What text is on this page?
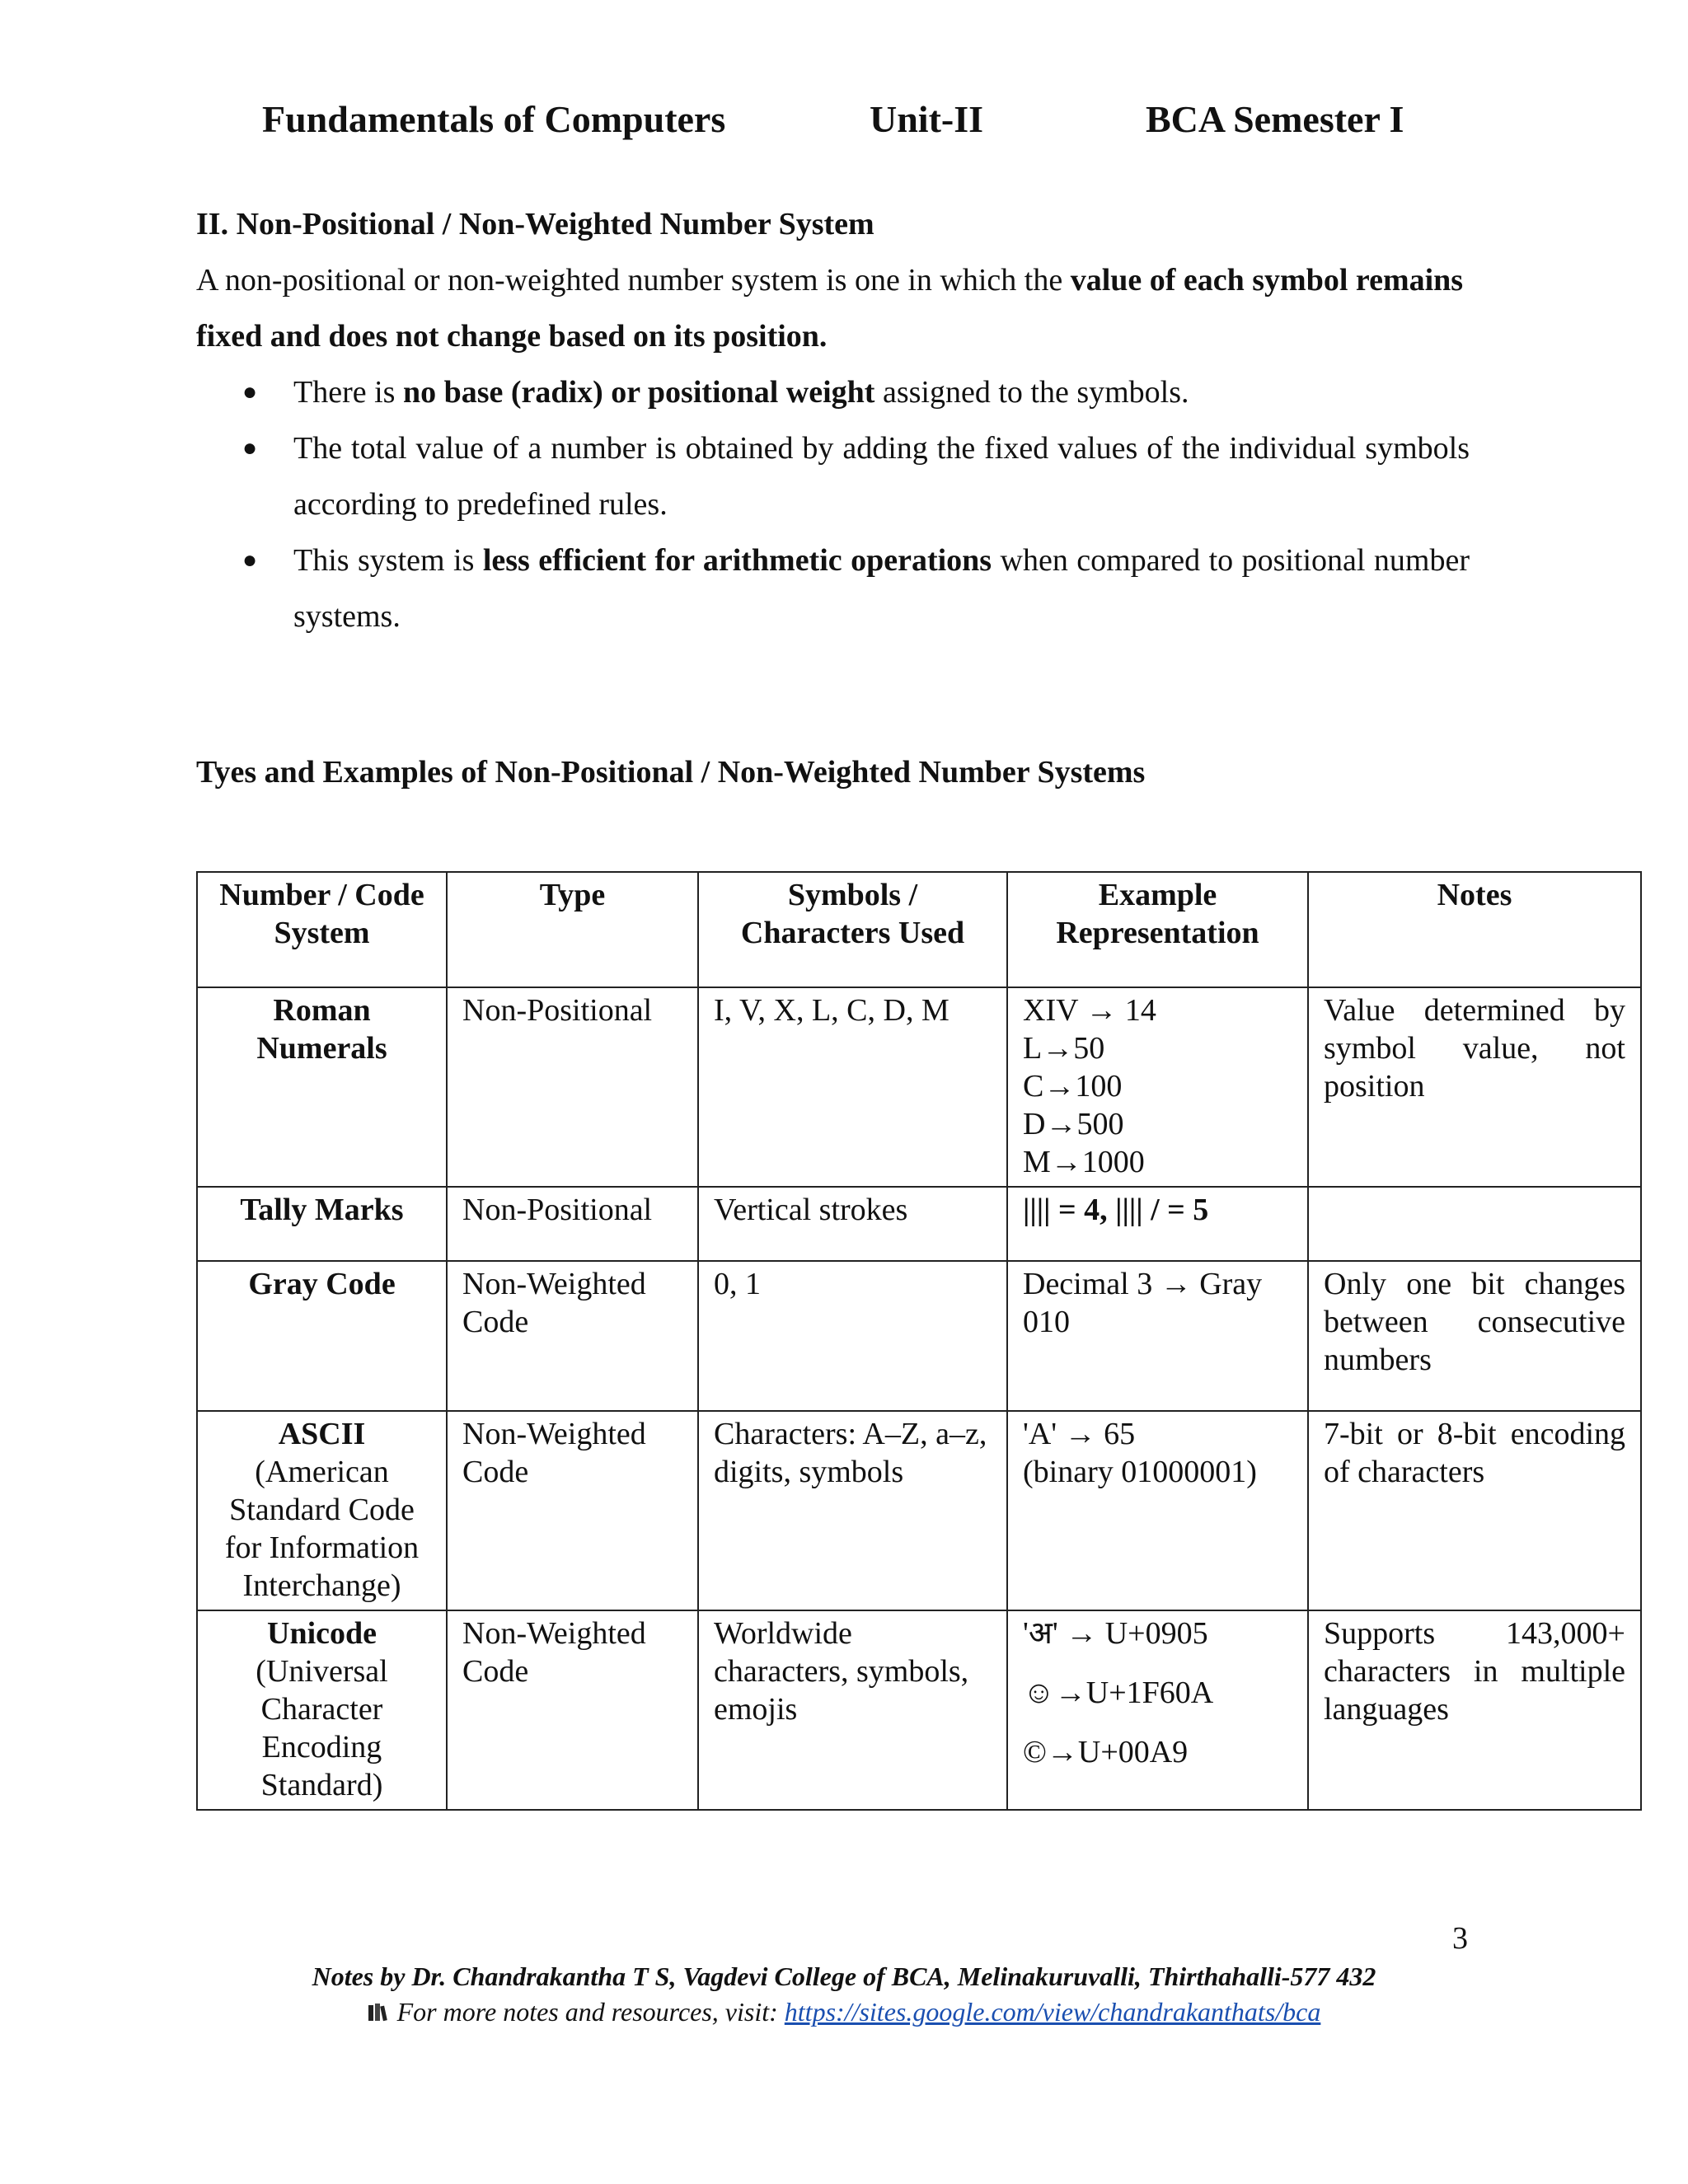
Fundamentals of Computers	Unit-II	BCA Semester I

II. Non-Positional / Non-Weighted Number System

A non-positional or non-weighted number system is one in which the value of each symbol remains fixed and does not change based on its position.

● There is no base (radix) or positional weight assigned to the symbols.
● The total value of a number is obtained by adding the fixed values of the individual symbols according to predefined rules.
● This system is less efficient for arithmetic operations when compared to positional number systems.
Tyes and Examples of Non-Positional / Non-Weighted Number Systems
Number / Code System	Type	Symbols / Characters Used	Example Representation	Notes
Roman Numerals	Non-Positional	I, V, X, L, C, D, M	XIV → 14
L→50
C→100
D→500
M→1000	Value determined by symbol value, not position
Tally Marks	Non-Positional	Vertical strokes	|||| = 4, |||| / = 5	

Gray Code	Non-Weighted Code	0, 1	Decimal 3 → Gray 010	Only one bit changes between consecutive numbers
ASCII
(American Standard Code for Information Interchange)	Non-Weighted Code	Characters: A–Z, a–z, digits, symbols	'A' → 65
(binary 01000001)	7-bit or 8-bit encoding of characters
Unicode
(Universal Character Encoding Standard)	Non-Weighted Code	Worldwide characters, symbols, emojis	'अ' → U+0905
☺→U+1F60A
©→U+00A9	Supports 143,000+ characters in multiple languages
3
Notes by Dr. Chandrakantha T S, Vagdevi College of BCA, Melinakuruvalli, Thirthahalli-577 432
For more notes and resources, visit: https://sites.google.com/view/chandrakanthats/bca
